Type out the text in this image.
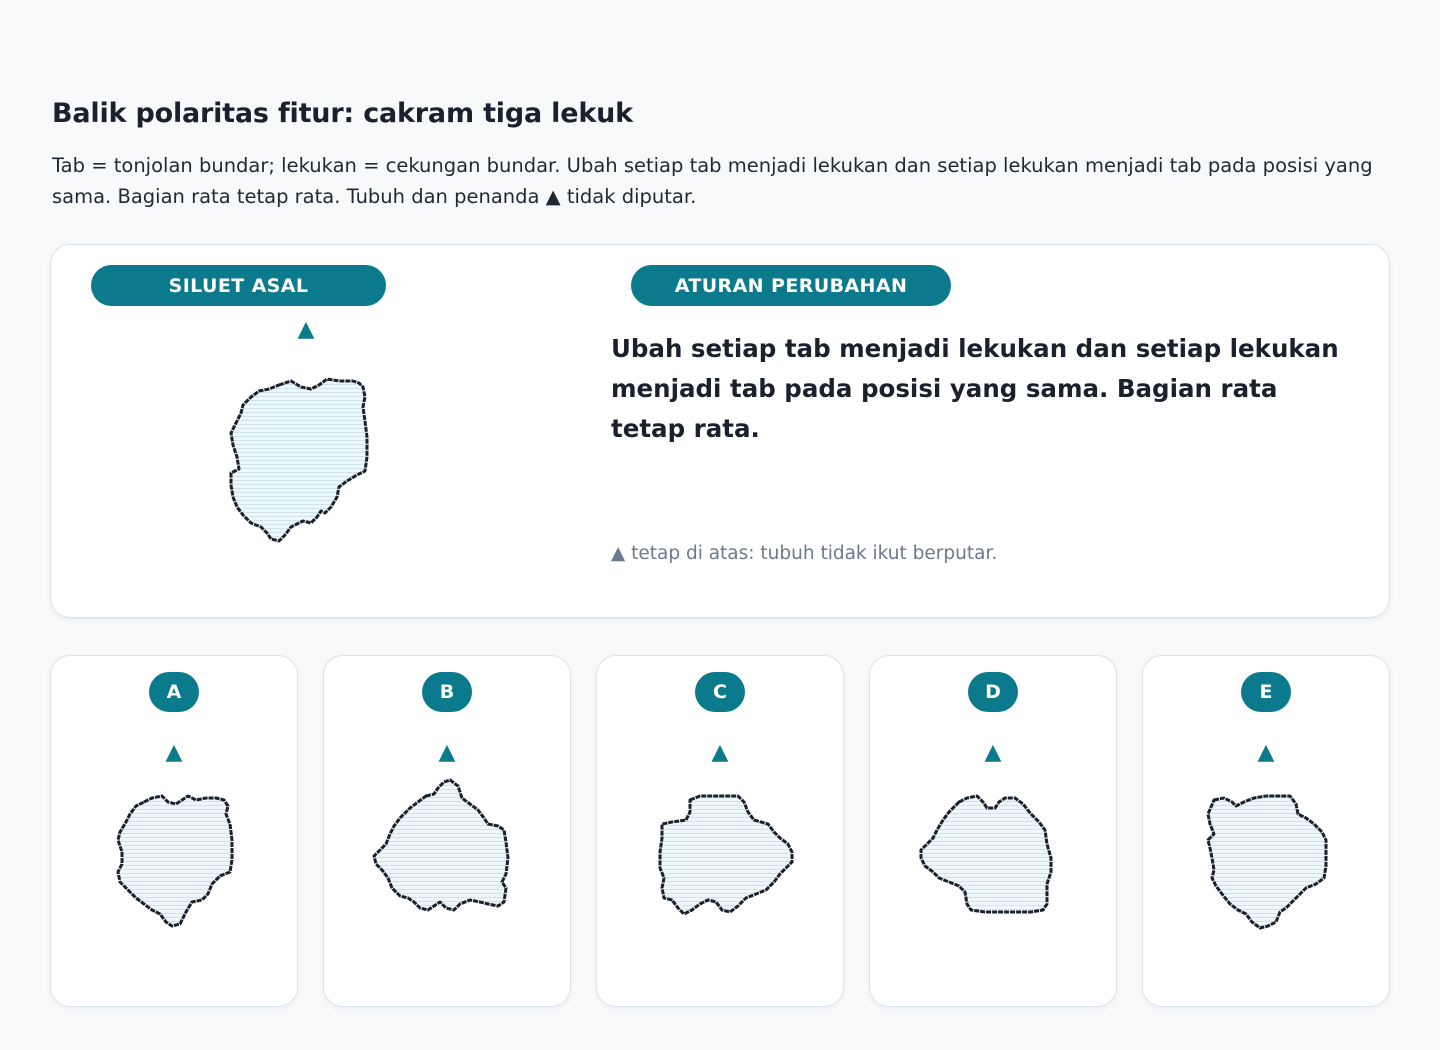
Balik polaritas fitur: cakram tiga lekuk
Tab = tonjolan bundar; lekukan = cekungan bundar. Ubah setiap tab menjadi lekukan dan setiap lekukan menjadi tab pada posisi yang sama. Bagian rata tetap rata. Tubuh dan penanda ▲ tidak diputar.
SILUET ASAL	ATURAN PERUBAHAN
▲
Ubah setiap tab menjadi lekukan dan setiap lekukan menjadi tab pada posisi yang sama. Bagian rata tetap rata.
▲ tetap di atas: tubuh tidak ikut berputar.
A
▲
B
▲
C
▲
D
▲
E
▲
